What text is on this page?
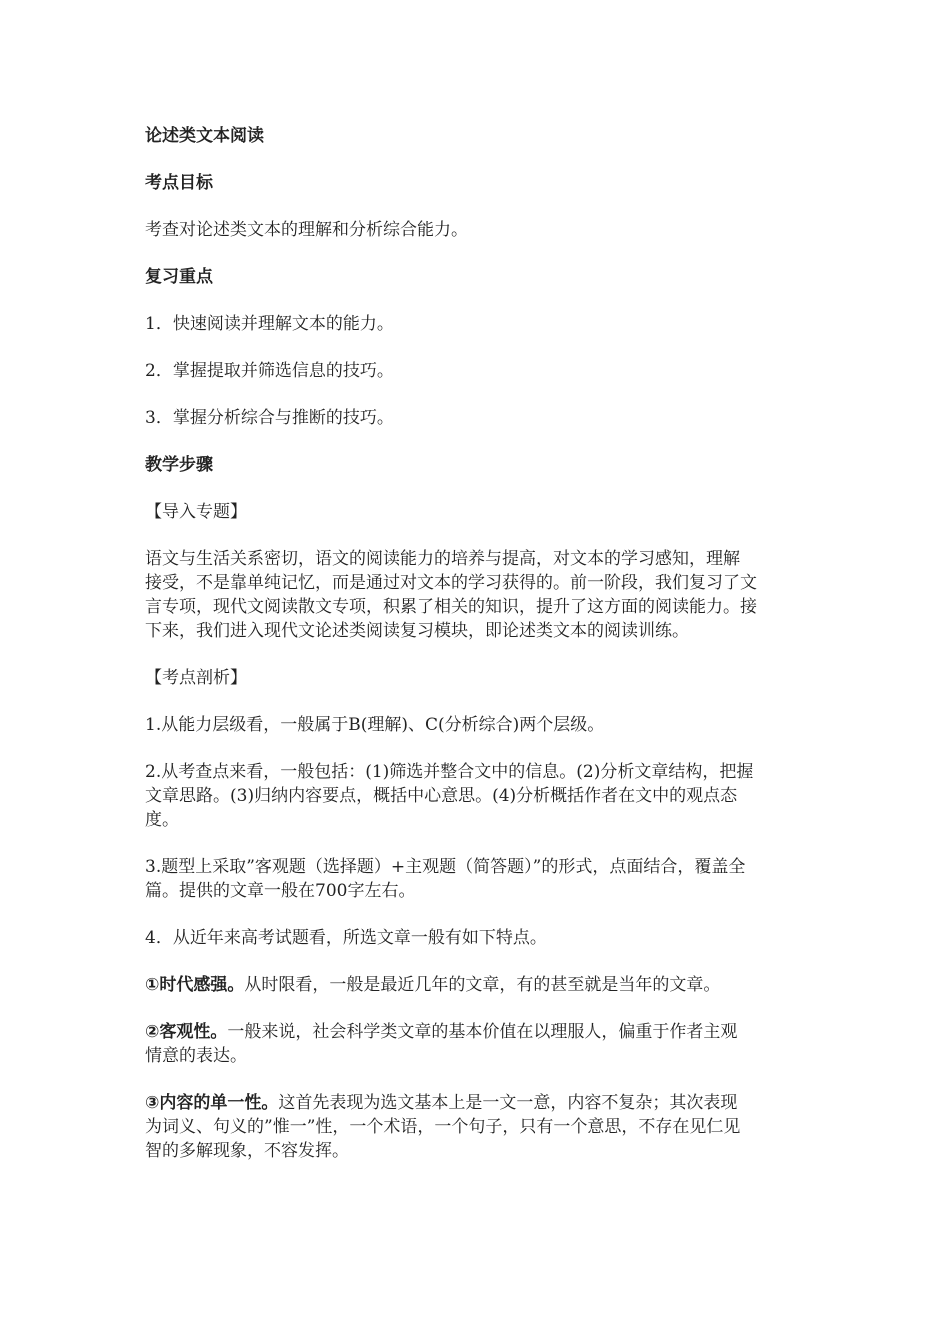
论述类文本阅读
考点目标
考查对论述类文本的理解和分析综合能力。
复习重点
1．快速阅读并理解文本的能力。
2．掌握提取并筛选信息的技巧。
3．掌握分析综合与推断的技巧。
教学步骤
【导入专题】

语文与生活关系密切，语文的阅读能力的培养与提高，对文本的学习感知，理解

接受，不是靠单纯记忆，而是通过对文本的学习获得的。前一阶段，我们复习了文

言专项，现代文阅读散文专项，积累了相关的知识，提升了这方面的阅读能力。接

下来，我们进入现代文论述类阅读复习模块，即论述类文本的阅读训练。

【考点剖析】
1.从能力层级看，一般属于B(理解)、C(分析综合)两个层级。

2.从考查点来看，一般包括：(1)筛选并整合文中的信息。(2)分析文章结构，把握

文章思路。(3)归纳内容要点，概括中心意思。(4)分析概括作者在文中的观点态

度。

3.题型上采取”客观题（选择题）+主观题（简答题）”的形式，点面结合，覆盖全

篇。提供的文章一般在700字左右。

4．从近年来高考试题看，所选文章一般有如下特点。

①时代感强。从时限看，一般是最近几年的文章，有的甚至就是当年的文章。

②客观性。一般来说，社会科学类文章的基本价值在以理服人，偏重于作者主观

情意的表达。

③内容的单一性。这首先表现为选文基本上是一文一意，内容不复杂；其次表现

为词义、句义的”惟一”性，一个术语，一个句子，只有一个意思，不存在见仁见

智的多解现象，不容发挥。
